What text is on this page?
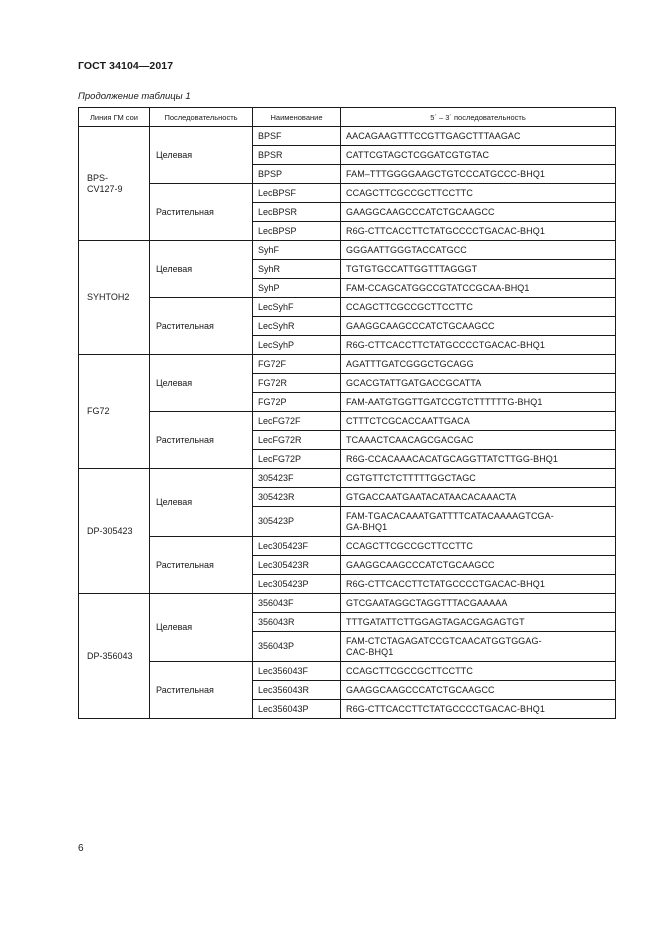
ГОСТ 34104—2017
Продолжение таблицы 1
Линия ГМ сои	Последовательность	Наименование	5´ – 3´ последовательность
BPS-
CV127-9	Целевая	BPSF	AACAGAAGTTTCCGTTGAGCTTTAAGAC
		BPSR	CATTCGTAGCTCGGATCGTGTAC
		BPSP	FAM–TTTGGGGAAGCTGTCCCATGCCC-BHQ1
	Растительная	LecBPSF	CCAGCTTCGCCGCTTCCTTC
		LecBPSR	GAAGGCAAGCCCATCTGCAAGCC
		LecBPSP	R6G-CTTCACCTTCTATGCCCCTGACAC-BHQ1
SYHTOH2	Целевая	SyhF	GGGAATTGGGTACCATGCC
		SyhR	TGTGTGCCATTGGTTTAGGGT
		SyhP	FAM-CCAGCATGGCCGTATCCGCAA-BHQ1
	Растительная	LecSyhF	CCAGCTTCGCCGCTTCCTTC
		LecSyhR	GAAGGCAAGCCCATCTGCAAGCC
		LecSyhP	R6G-CTTCACCTTCTATGCCCCTGACAC-BHQ1
FG72	Целевая	FG72F	AGATTTGATCGGGCTGCAGG
		FG72R	GCACGTATTGATGACCGCATTA
		FG72P	FAM-AATGTGGTTGATCCGTCTTTTTTG-BHQ1
	Растительная	LecFG72F	CTTTCTCGCACCAATTGACA
		LecFG72R	TCAAACTCAACAGCGACGAC
		LecFG72P	R6G-CCACAAACACATGCAGGTTATCTTGG-BHQ1
DP-305423	Целевая	305423F	CGTGTTCTCTTTTTGGCTAGC
		305423R	GTGACCAATGAATACATAACACAAACTA
		305423P	FAM-TGACACAAATGATTTTCATACAAAAGTCGA-
GA-BHQ1
	Растительная	Lec305423F	CCAGCTTCGCCGCTTCCTTC
		Lec305423R	GAAGGCAAGCCCATCTGCAAGCC
		Lec305423P	R6G-CTTCACCTTCTATGCCCCTGACAC-BHQ1
DP-356043	Целевая	356043F	GTCGAATAGGCTAGGTTTACGAAAAA
		356043R	TTTGATATTCTTGGAGTAGACGAGAGTGT
		356043P	FAM-CTCTAGAGATCCGTCAACATGGTGGAG-
CAC-BHQ1
	Растительная	Lec356043F	CCAGCTTCGCCGCTTCCTTC
		Lec356043R	GAAGGCAAGCCCATCTGCAAGCC
		Lec356043P	R6G-CTTCACCTTCTATGCCCCTGACAC-BHQ1
6
